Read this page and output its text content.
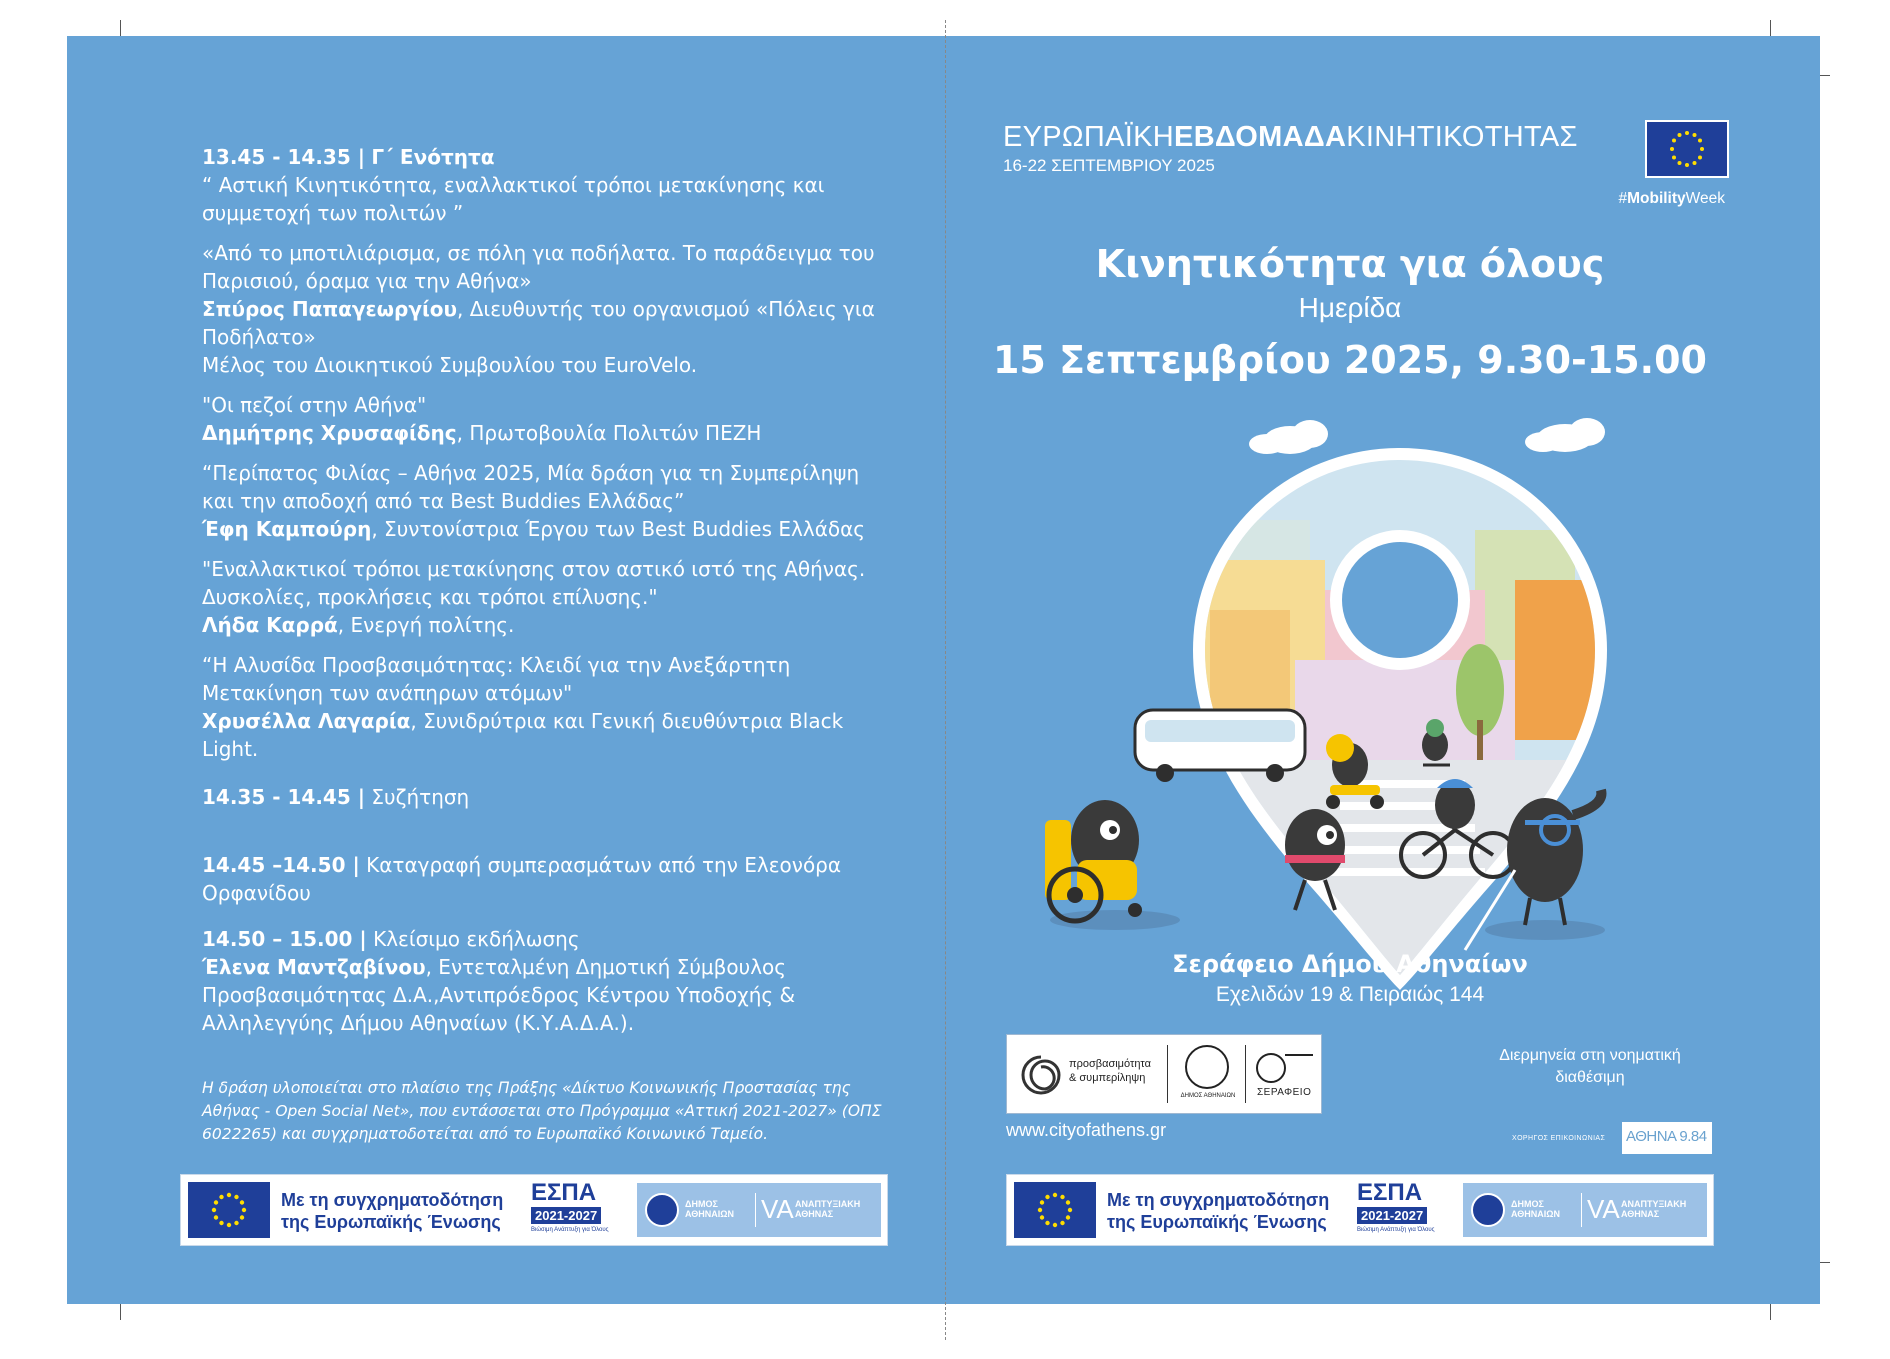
13.45 - 14.35 | Γ΄ Ενότητα
“ Αστική Κινητικότητα, εναλλακτικοί τρόποι μετακίνησης και συμμετοχή των πολιτών ”

«Από το μποτιλιάρισμα, σε πόλη για ποδήλατα. Το παράδειγμα του Παρισιού, όραμα για την Αθήνα»
Σπύρος Παπαγεωργίου, Διευθυντής του οργανισμού «Πόλεις για Ποδήλατο»
Μέλος του Διοικητικού Συμβουλίου του EuroVelo.

"Οι πεζοί στην Αθήνα"
Δημήτρης Χρυσαφίδης, Πρωτοβουλία Πολιτών ΠΕΖΗ

“Περίπατος Φιλίας – Αθήνα 2025, Μία δράση για τη Συμπερίληψη και την αποδοχή από τα Best Buddies Ελλάδας”
Έφη Καμπούρη, Συντονίστρια Έργου των Best Buddies Ελλάδας

"Εναλλακτικοί τρόποι μετακίνησης στον αστικό ιστό της Αθήνας. Δυσκολίες, προκλήσεις και τρόποι επίλυσης."
Λήδα Καρρά, Ενεργή πολίτης.

“Η Αλυσίδα Προσβασιμότητας: Κλειδί για την Ανεξάρτητη Μετακίνηση των ανάπηρων ατόμων"
Χρυσέλλα Λαγαρία, Συνιδρύτρια και Γενική διευθύντρια Black Light.

14.35 - 14.45 | Συζήτηση

14.45 –14.50 | Καταγραφή συμπερασμάτων από την Ελεονόρα Ορφανίδου

14.50 – 15.00 | Κλείσιμο εκδήλωσης
Έλενα Μαντζαβίνου, Εντεταλμένη Δημοτική Σύμβουλος Προσβασιμότητας Δ.Α.,Αντιπρόεδρος Κέντρου Υποδοχής & Αλληλεγγύης Δήμου Αθηναίων (Κ.Υ.Α.Δ.Α.).

Η δράση υλοποιείται στο πλαίσιο της Πράξης «Δίκτυο Κοινωνικής Προστασίας της Αθήνας - Open Social Net», που εντάσσεται στο Πρόγραμμα «Αττική 2021-2027» (ΟΠΣ 6022265) και συγχρηματοδοτείται από το Ευρωπαϊκό Κοινωνικό Ταμείο.

Με τη συγχρηματοδότηση
της Ευρωπαϊκής Ένωσης
ΕΣΠΑ
2021-2027
Βιώσιμη Ανάπτυξη για Όλους
ΔΗΜΟΣ
ΑΘΗΝΑΙΩΝ VA ΑΝΑΠΤΥΞΙΑΚΗ
ΑΘΗΝΑΣ
Με τη συγχρηματοδότηση
της Ευρωπαϊκής Ένωσης
ΕΣΠΑ
2021-2027
Βιώσιμη Ανάπτυξη για Όλους
ΔΗΜΟΣ
ΑΘΗΝΑΙΩΝ VA ΑΝΑΠΤΥΞΙΑΚΗ
ΑΘΗΝΑΣ
ΕΥΡΩΠΑΪΚΗΕΒΔΟΜΑΔΑΚΙΝΗΤΙΚΟΤΗΤΑΣ
16-22 ΣΕΠΤΕΜΒΡΙΟΥ 2025
#MobilityWeek
Κινητικότητα για όλους
Ημερίδα
15 Σεπτεμβρίου 2025, 9.30-15.00
Σεράφειο Δήμου Αθηναίων
Εχελιδών 19 & Πειραιώς 144
προσβασιμότητα
& συμπερίληψη
ΔΗΜΟΣ ΑΘΗΝΑΙΩΝ ΣΕΡΑΦΕΙΟ
www.cityofathens.gr
Διερμηνεία στη νοηματική διαθέσιμη
ΧΟΡΗΓΟΣ ΕΠΙΚΟΙΝΩΝΙΑΣ ΑΘΗΝΑ 9.84
